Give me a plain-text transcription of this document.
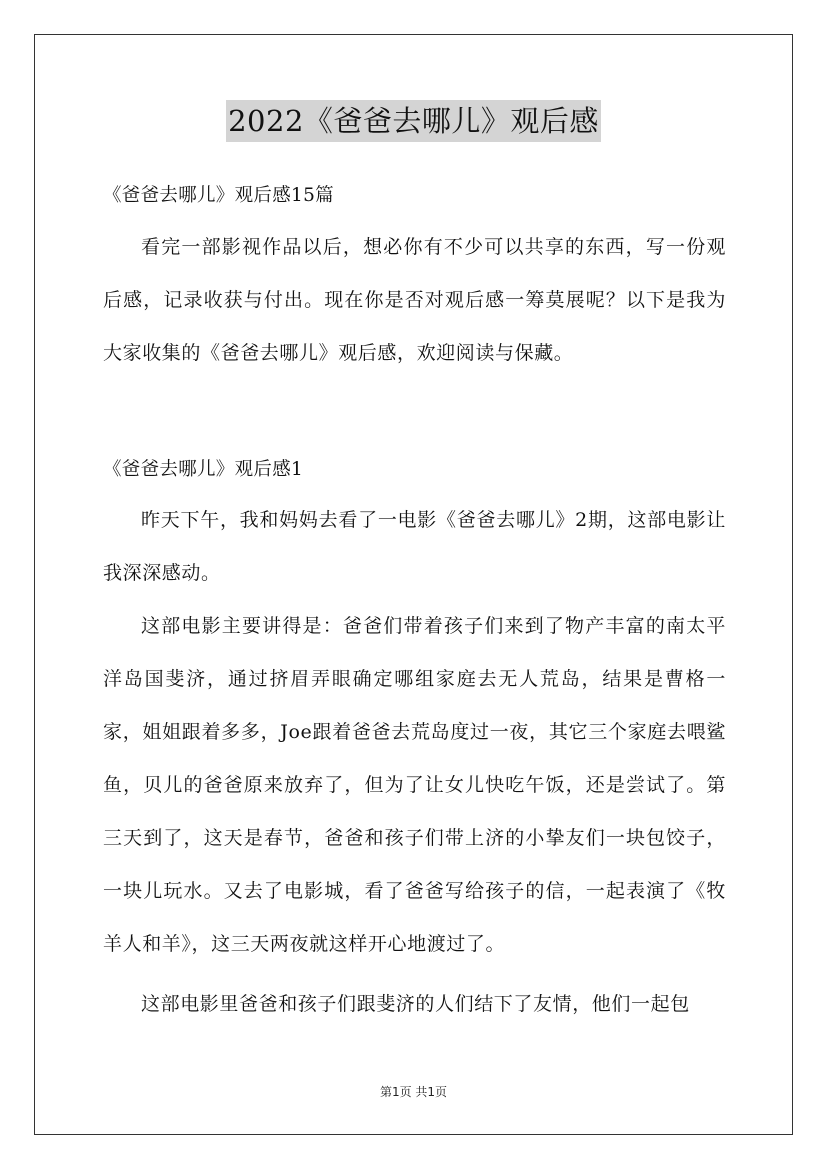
2022《爸爸去哪儿》观后感
《爸爸去哪儿》观后感15篇
看完一部影视作品以后，想必你有不少可以共享的东西，写一份观后感，记录收获与付出。现在你是否对观后感一筹莫展呢？以下是我为大家收集的《爸爸去哪儿》观后感，欢迎阅读与保藏。
《爸爸去哪儿》观后感1
昨天下午，我和妈妈去看了一电影《爸爸去哪儿》2期，这部电影让我深深感动。
这部电影主要讲得是：爸爸们带着孩子们来到了物产丰富的南太平洋岛国斐济，通过挤眉弄眼确定哪组家庭去无人荒岛，结果是曹格一家，姐姐跟着多多，Joe跟着爸爸去荒岛度过一夜，其它三个家庭去喂鲨鱼，贝儿的爸爸原来放弃了，但为了让女儿快吃午饭，还是尝试了。第三天到了，这天是春节，爸爸和孩子们带上济的小挚友们一块包饺子，一块儿玩水。又去了电影城，看了爸爸写给孩子的信，一起表演了《牧羊人和羊》，这三天两夜就这样开心地渡过了。
这部电影里爸爸和孩子们跟斐济的人们结下了友情，他们一起包
第1页 共1页
